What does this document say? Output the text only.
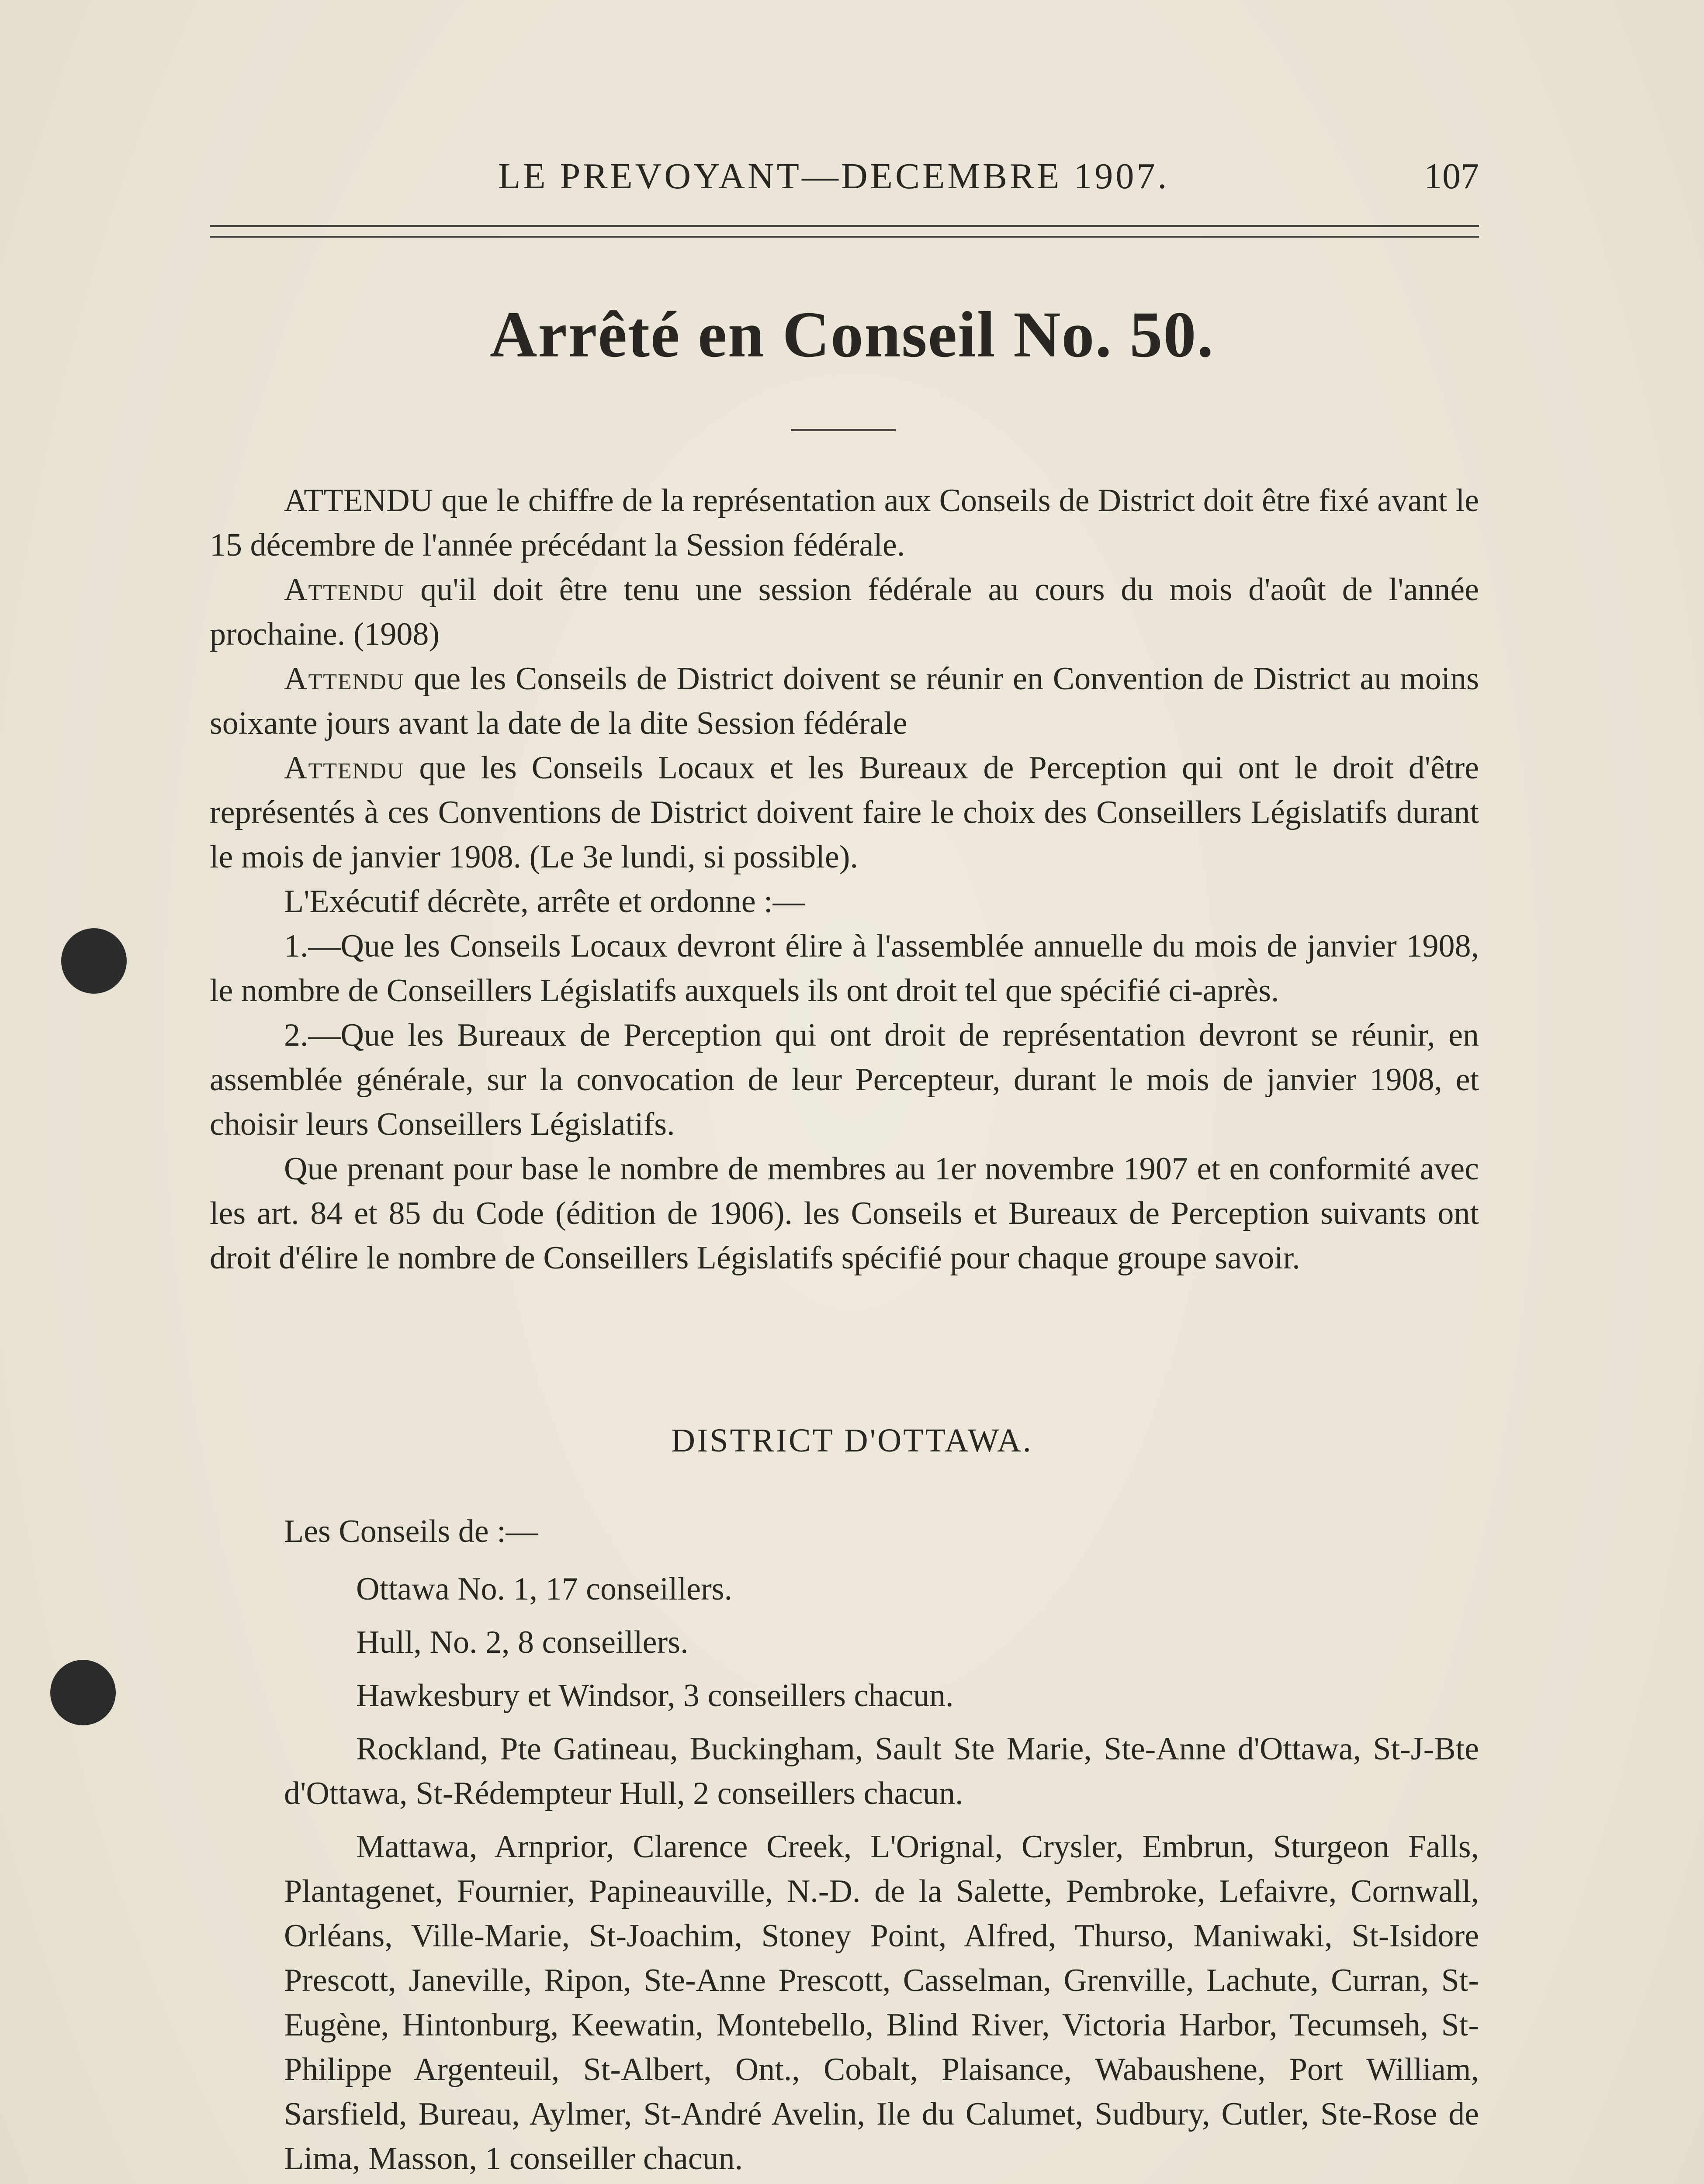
LE PREVOYANT—DECEMBRE 1907.	107
Arrêté en Conseil No. 50.

ATTENDU que le chiffre de la représentation aux Conseils de District doit être fixé avant le 15 décembre de l'année précédant la Session fédérale.

Attendu qu'il doit être tenu une session fédérale au cours du mois d'août de l'année prochaine. (1908)

Attendu que les Conseils de District doivent se réunir en Convention de District au moins soixante jours avant la date de la dite Session fédérale

Attendu que les Conseils Locaux et les Bureaux de Perception qui ont le droit d'être représentés à ces Conventions de District doivent faire le choix des Conseillers Législatifs durant le mois de janvier 1908. (Le 3e lundi, si possible).

L'Exécutif décrète, arrête et ordonne :—

1.—Que les Conseils Locaux devront élire à l'assemblée annuelle du mois de janvier 1908, le nombre de Conseillers Législatifs auxquels ils ont droit tel que spécifié ci-après.

2.—Que les Bureaux de Perception qui ont droit de représentation devront se réunir, en assemblée générale, sur la convocation de leur Percepteur, durant le mois de janvier 1908, et choisir leurs Conseillers Législatifs.

Que prenant pour base le nombre de membres au 1er novembre 1907 et en conformité avec les art. 84 et 85 du Code (édition de 1906). les Conseils et Bureaux de Perception suivants ont droit d'élire le nombre de Conseillers Législatifs spécifié pour chaque groupe savoir.

DISTRICT D'OTTAWA.

Les Conseils de :—

Ottawa No. 1, 17 conseillers.

Hull, No. 2, 8 conseillers.

Hawkesbury et Windsor, 3 conseillers chacun.

Rockland, Pte Gatineau, Buckingham, Sault Ste Marie, Ste-Anne d'Ottawa, St-J-Bte d'Ottawa, St-Rédempteur Hull, 2 conseillers chacun.

Mattawa, Arnprior, Clarence Creek, L'Orignal, Crysler, Embrun, Sturgeon Falls, Plantagenet, Fournier, Papineauville, N.-D. de la Salette, Pembroke, Lefaivre, Cornwall, Orléans, Ville-Marie, St-Joachim, Stoney Point, Alfred, Thurso, Maniwaki, St-Isidore Prescott, Janeville, Ripon, Ste-Anne Prescott, Casselman, Grenville, Lachute, Curran, St-Eugène, Hintonburg, Keewatin, Montebello, Blind River, Victoria Harbor, Tecumseh, St-Philippe Argenteuil, St-Albert, Ont., Cobalt, Plaisance, Wabaushene, Port William, Sarsfield, Bureau, Aylmer, St-André Avelin, Ile du Calumet, Sudbury, Cutler, Ste-Rose de Lima, Masson, 1 conseiller chacun.
